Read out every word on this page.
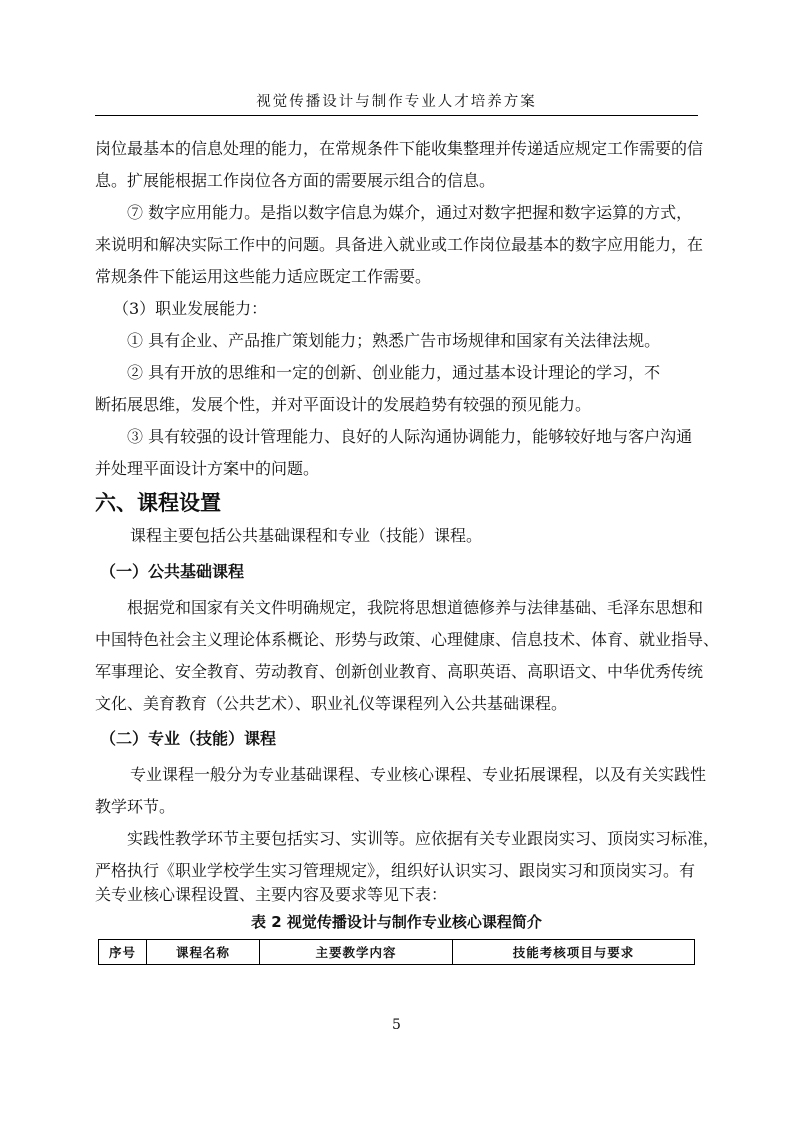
视觉传播设计与制作专业人才培养方案
岗位最基本的信息处理的能力，在常规条件下能收集整理并传递适应规定工作需要的信
息。扩展能根据工作岗位各方面的需要展示组合的信息。
⑦ 数字应用能力。是指以数字信息为媒介，通过对数字把握和数字运算的方式，
来说明和解决实际工作中的问题。具备进入就业或工作岗位最基本的数字应用能力，在
常规条件下能运用这些能力适应既定工作需要。
（3）职业发展能力：
① 具有企业、产品推广策划能力；熟悉广告市场规律和国家有关法律法规。
② 具有开放的思维和一定的创新、创业能力，通过基本设计理论的学习，不
断拓展思维，发展个性，并对平面设计的发展趋势有较强的预见能力。
③ 具有较强的设计管理能力、良好的人际沟通协调能力，能够较好地与客户沟通
并处理平面设计方案中的问题。
六、课程设置
课程主要包括公共基础课程和专业（技能）课程。
（一）公共基础课程
根据党和国家有关文件明确规定，我院将思想道德修养与法律基础、毛泽东思想和
中国特色社会主义理论体系概论、形势与政策、心理健康、信息技术、体育、就业指导、
军事理论、安全教育、劳动教育、创新创业教育、高职英语、高职语文、中华优秀传统
文化、美育教育（公共艺术）、职业礼仪等课程列入公共基础课程。
（二）专业（技能）课程
专业课程一般分为专业基础课程、专业核心课程、专业拓展课程，以及有关实践性
教学环节。
实践性教学环节主要包括实习、实训等。应依据有关专业跟岗实习、顶岗实习标准，
严格执行《职业学校学生实习管理规定》，组织好认识实习、跟岗实习和顶岗实习。有
关专业核心课程设置、主要内容及要求等见下表：
表 2 视觉传播设计与制作专业核心课程简介
序号	课程名称	主要教学内容	技能考核项目与要求
5
